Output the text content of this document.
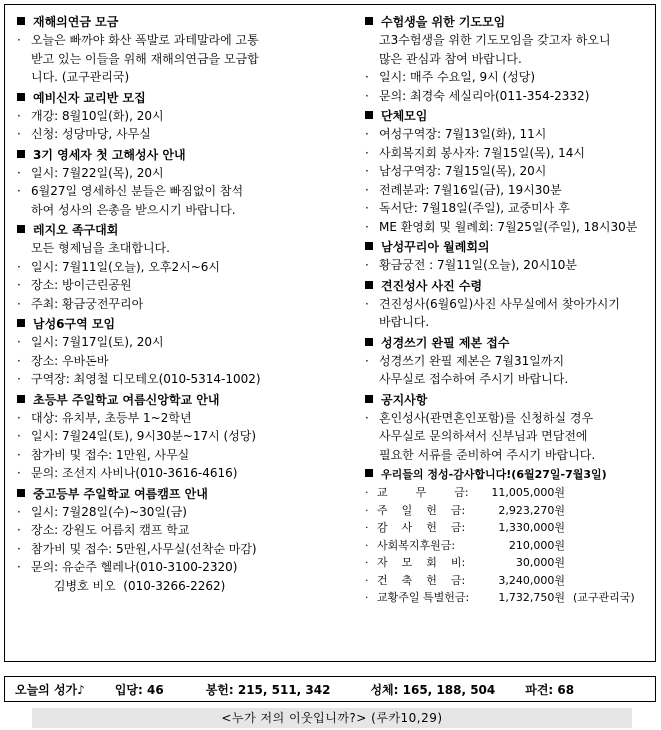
재해의연금 모금
· 오늘은 빠까야 화산 폭발로 과테말라에 고통
받고 있는 이들을 위해 재해의연금을 모금합
니다. (교구관리국)
예비신자 교리반 모집
· 개강: 8월10일(화), 20시
· 신청: 성당마당, 사무실
3기 영세자 첫 고해성사 안내
· 일시: 7월22일(목), 20시
· 6월27일 영세하신 분들은 빠짐없이 참석
하여 성사의 은총을 받으시기 바랍니다.
레지오 족구대회
모든 형제님을 초대합니다.
· 일시: 7월11일(오늘), 오후2시~6시
· 장소: 방이근린공원
· 주최: 황금궁전꾸리아
남성6구역 모임
· 일시: 7월17일(토), 20시
· 장소: 우바돈바
· 구역장: 최영철 디모테오(010-5314-1002)
초등부 주일학교 여름신앙학교 안내
· 대상: 유치부, 초등부 1~2학년
· 일시: 7월24일(토), 9시30분~17시 (성당)
· 참가비 및 접수: 1만원, 사무실
· 문의: 조선지 사비나(010-3616-4616)
중고등부 주일학교 여름캠프 안내
· 일시: 7월28일(수)~30일(금)
· 장소: 강원도 어름치 캠프 학교
· 참가비 및 접수: 5만원,사무실(선착순 마감)
· 문의: 유순주 헬레나(010-3100-2320)
김병호 비오  (010-3266-2262)
수험생을 위한 기도모임
고3수험생을 위한 기도모임을 갖고자 하오니
많은 관심과 참여 바랍니다.
· 일시: 매주 수요일, 9시 (성당)
· 문의: 최경숙 세실리아(011-354-2332)
단체모임
· 여성구역장: 7월13일(화), 11시
· 사회복지회 봉사자: 7월15일(목), 14시
· 남성구역장: 7월15일(목), 20시
· 전례분과: 7월16일(금), 19시30분
· 독서단: 7월18일(주일), 교중미사 후
· ME 환영회 및 월례회: 7월25일(주일), 18시30분
남성꾸리아 월례회의
· 황금궁전 : 7월11일(오늘), 20시10분
견진성사 사진 수령
· 견진성사(6월6일)사진 사무실에서 찾아가시기
바랍니다.
성경쓰기 완필 제본 접수
· 성경쓰기 완필 제본은 7월31일까지
사무실로 접수하여 주시기 바랍니다.
공지사항
· 혼인성사(관면혼인포함)를 신청하실 경우
사무실로 문의하셔서 신부님과 면담전에
필요한 서류를 준비하여 주시기 바랍니다.
우리들의 정성-감사합니다!(6월27일-7월3일)
· 교        무        금:	11,005,000원
· 주    일    헌    금:	2,923,270원
· 감    사    헌    금:	1,330,000원
· 사회복지후원금:	210,000원
· 자    모    회    비:	30,000원
· 건    축    헌    금:	3,240,000원
· 교황주일 특별헌금:	1,732,750원 (교구관리국)
오늘의 성가♪	입당: 46	봉헌: 215, 511, 342	성체: 165, 188, 504	파견: 68
<누가 저의 이웃입니까?> (루카10,29)
